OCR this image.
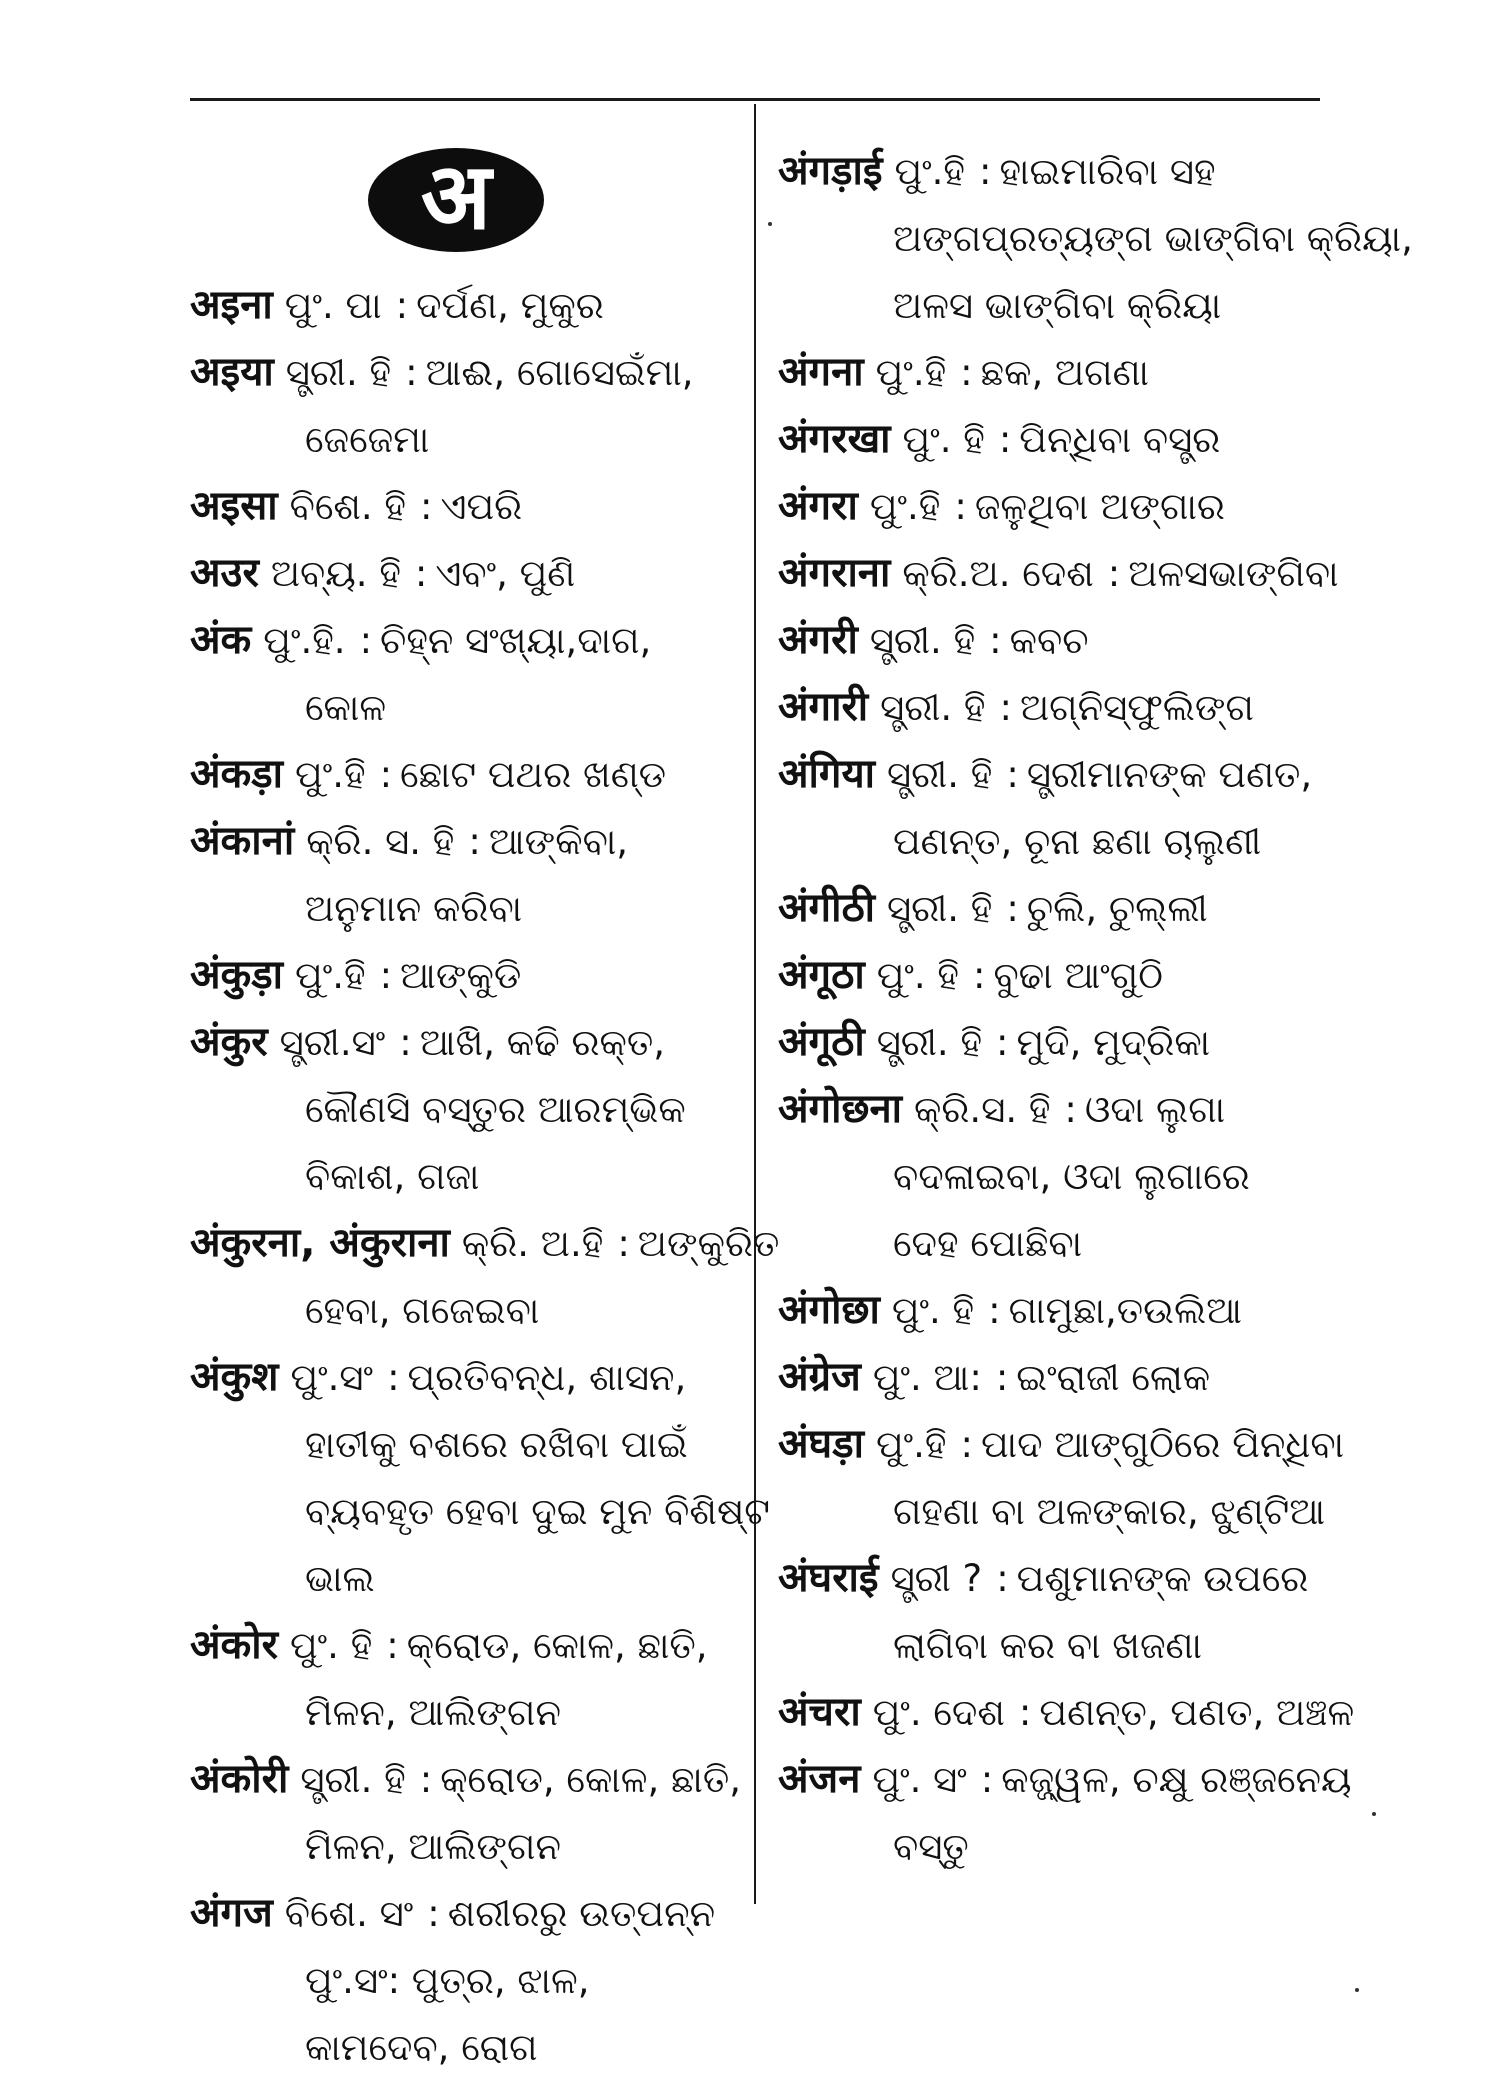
अ
अइना ପୁଂ. ପା : ଦର୍ପଣ, ମୁକୁର
अइया ସ୍ତ୍ରୀ. ହି : ଆଈ, ଗୋସେଇଁମା,
ଜେଜେମା
अइसा ବିଶେ. ହି : ଏପରି
अउर ଅବ୍ୟ. ହି : ଏବଂ, ପୁଣି
अंक ପୁଂ.ହି. : ଚିହ୍ନ ସଂଖ୍ୟା,ଦାଗ,
କୋଳ
अंकड़ा ପୁଂ.ହି : ଛୋଟ ପଥର ଖଣ୍ଡ
अंकानां କ୍ରି. ସ. ହି : ଆଙ୍କିବା,
ଅନୁମାନ କରିବା
अंकुड़ा ପୁଂ.ହି : ଆଙ୍କୁଡି
अंकुर ସ୍ତ୍ରୀ.ସଂ : ଆଖି, କଢି ରକ୍ତ,
କୌଣସି ବସ୍ତୁର ଆରମ୍ଭିକ
ବିକାଶ, ଗଜା
अंकुरना, अंकुराना କ୍ରି. ଅ.ହି : ଅଙ୍କୁରିତ
ହେବା, ଗଜେଇବା
अंकुश ପୁଂ.ସଂ : ପ୍ରତିବନ୍ଧ, ଶାସନ,
ହାତୀକୁ ବଶରେ ରଖିବା ପାଇଁ
ବ୍ୟବହୃତ ହେବା ଦୁଇ ମୁନ ବିଶିଷ୍ଟ
ଭାଲ
अंकोर ପୁଂ. ହି : କ୍ରୋଡ, କୋଳ, ଛାତି,
ମିଳନ, ଆଲିଙ୍ଗନ
अंकोरी ସ୍ତ୍ରୀ. ହି : କ୍ରୋଡ, କୋଳ, ଛାତି,
ମିଳନ, ଆଲିଙ୍ଗନ
अंगज ବିଶେ. ସଂ : ଶରୀରରୁ ଉତ୍ପନ୍ନ
ପୁଂ.ସଂ: ପୁତ୍ର, ଝାଳ,
କାମଦେବ, ରୋଗ
अंगड़ाई ପୁଂ.ହି : ହାଇମାରିବା ସହ
ଅଙ୍ଗପ୍ରତ୍ୟଙ୍ଗ ଭାଙ୍ଗିବା କ୍ରିୟା,
ଅଳସ ଭାଙ୍ଗିବା କ୍ରିୟା
अंगना ପୁଂ.ହି : ଛକ, ଅଗଣା
अंगरखा ପୁଂ. ହି : ପିନ୍ଧିବା ବସ୍ତ୍ର
अंगरा ପୁଂ.ହି : ଜଳୁଥିବା ଅଙ୍ଗାର
अंगराना କ୍ରି.ଅ. ଦେଶ : ଅଳସଭାଙ୍ଗିବା
अंगरी ସ୍ତ୍ରୀ. ହି : କବଚ
अंगारी ସ୍ତ୍ରୀ. ହି : ଅଗ୍ନିସ୍ଫୁଲିଙ୍ଗ
अंगिया ସ୍ତ୍ରୀ. ହି : ସ୍ତ୍ରୀମାନଙ୍କ ପଣତ,
ପଣନ୍ତ, ଚୂନା ଛଣା ଚାଲୁଣୀ
अंगीठी ସ୍ତ୍ରୀ. ହି : ଚୁଲି, ଚୁଲ୍ଲୀ
अंगूठा ପୁଂ. ହି : ବୁଢା ଆଂଗୁଠି
अंगूठी ସ୍ତ୍ରୀ. ହି : ମୁଦି, ମୁଦ୍ରିକା
अंगोछना କ୍ରି.ସ. ହି : ଓଦା ଲୁଗା
ବଦଳାଇବା, ଓଦା ଲୁଗାରେ
ଦେହ ପୋଛିବା
अंगोछा ପୁଂ. ହି : ଗାମୁଛା,ତଉଲିଆ
अंग्रेज ପୁଂ. ଆ: : ଇଂରାଜୀ ଲୋକ
अंघड़ा ପୁଂ.ହି : ପାଦ ଆଙ୍ଗୁଠିରେ ପିନ୍ଧିବା
ଗହଣା ବା ଅଳଙ୍କାର, ଝୁଣ୍ଟିଆ
अंघराई ସ୍ତ୍ରୀ ? : ପଶୁମାନଙ୍କ ଉପରେ
ଲାଗିବା କର ବା ଖଜଣା
अंचरा ପୁଂ. ଦେଶ : ପଣନ୍ତ, ପଣତ, ଅଞ୍ଚଳ
अंजन ପୁଂ. ସଂ : କଜ୍ଜ୍ୱଳ, ଚକ୍ଷୁ ରଞ୍ଜନେୟ
ବସ୍ତୁ
